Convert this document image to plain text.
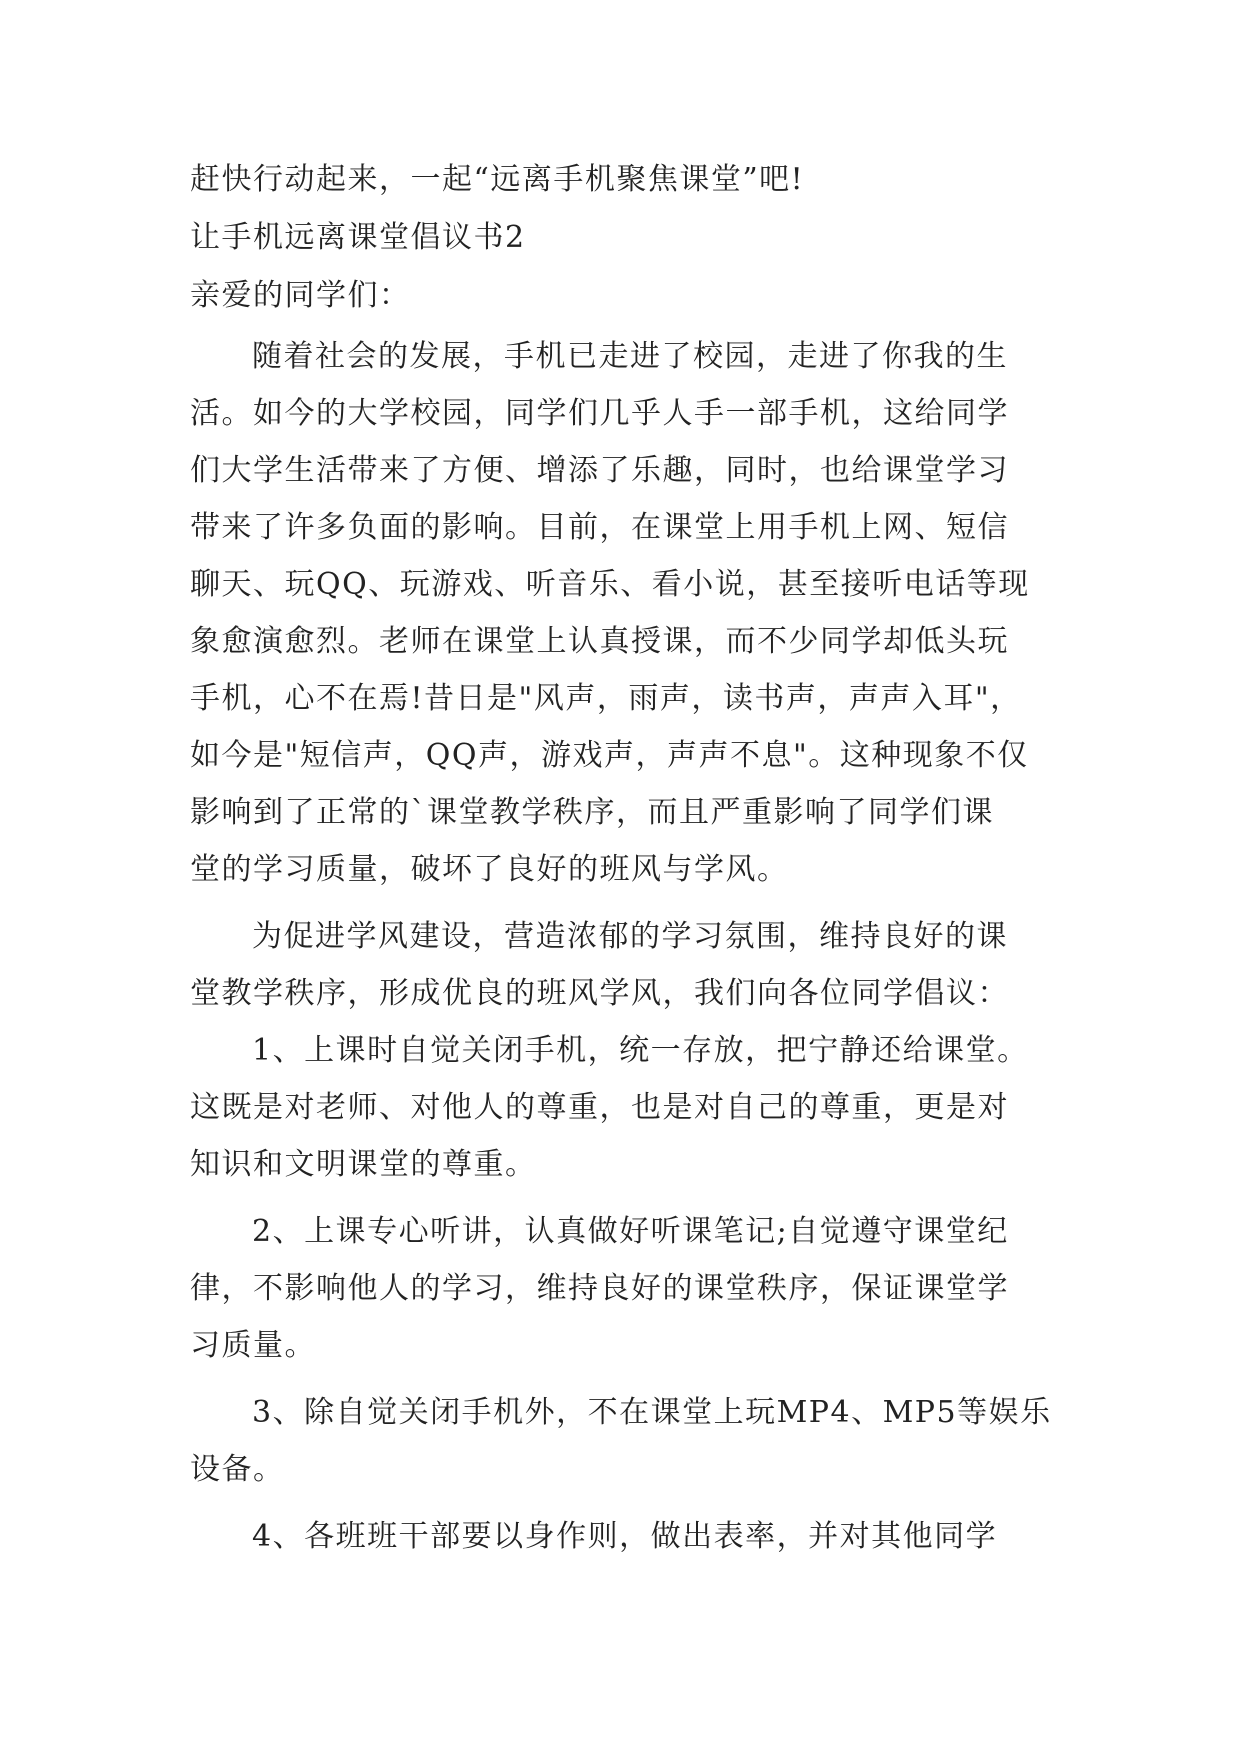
赶快行动起来，一起“远离手机聚焦课堂”吧!
让手机远离课堂倡议书2
亲爱的同学们：
随着社会的发展，手机已走进了校园，走进了你我的生
活。如今的大学校园，同学们几乎人手一部手机，这给同学
们大学生活带来了方便、增添了乐趣，同时，也给课堂学习
带来了许多负面的影响。目前，在课堂上用手机上网、短信
聊天、玩QQ、玩游戏、听音乐、看小说，甚至接听电话等现
象愈演愈烈。老师在课堂上认真授课，而不少同学却低头玩
手机，心不在焉!昔日是"风声，雨声，读书声，声声入耳"，
如今是"短信声，QQ声，游戏声，声声不息"。这种现象不仅
影响到了正常的`课堂教学秩序，而且严重影响了同学们课
堂的学习质量，破坏了良好的班风与学风。
为促进学风建设，营造浓郁的学习氛围，维持良好的课
堂教学秩序，形成优良的班风学风，我们向各位同学倡议：
1、上课时自觉关闭手机，统一存放，把宁静还给课堂。
这既是对老师、对他人的尊重，也是对自己的尊重，更是对
知识和文明课堂的尊重。
2、上课专心听讲，认真做好听课笔记;自觉遵守课堂纪
律，不影响他人的学习，维持良好的课堂秩序，保证课堂学
习质量。
3、除自觉关闭手机外，不在课堂上玩MP4、MP5等娱乐
设备。
4、各班班干部要以身作则，做出表率，并对其他同学
